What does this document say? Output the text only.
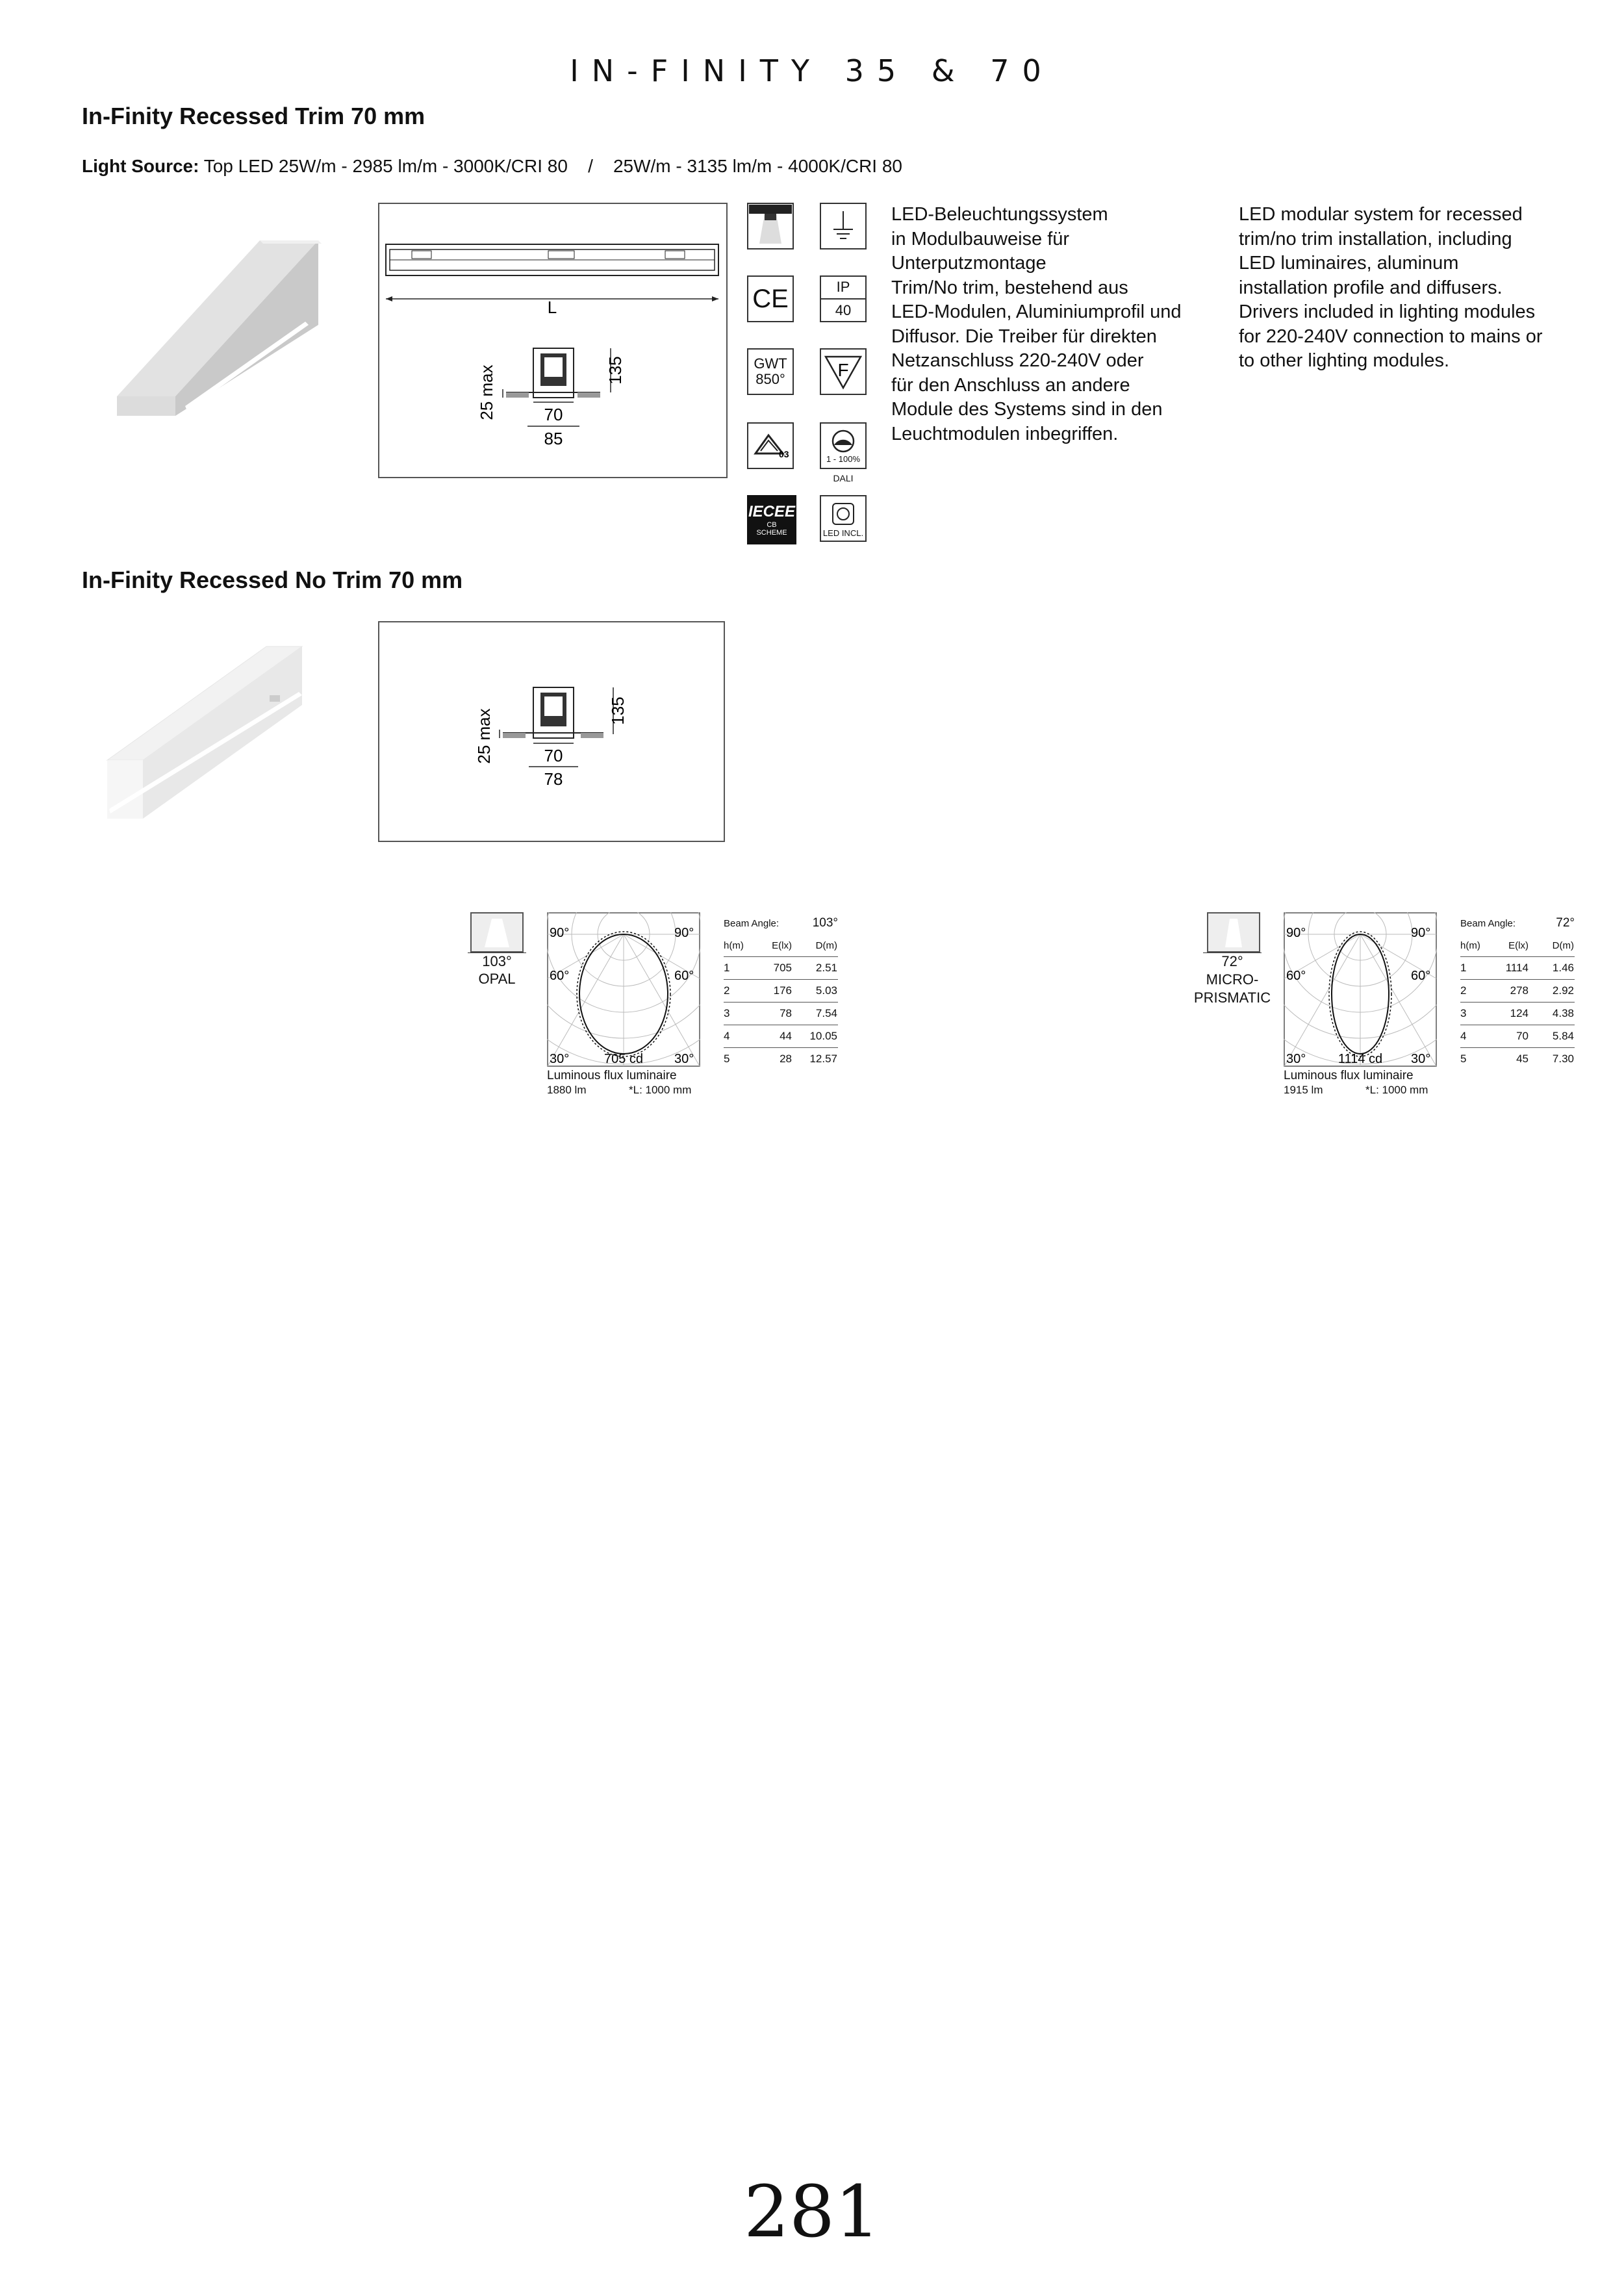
IN-FINITY 35 & 70
In-Finity Recessed Trim 70 mm
Light Source: Top LED 25W/m - 2985 lm/m - 3000K/CRI 80    /    25W/m - 3135 lm/m - 4000K/CRI 80
L
135
25 max	70
85
CE
GWT
850°
03
IECEE
CB
SCHEME
IP
40
F
1 - 100%
DALI
LED INCL.
LED-Beleuchtungssystem
in Modulbauweise für
Unterputzmontage
Trim/No trim, bestehend aus
LED-Modulen, Aluminiumprofil und
Diffusor. Die Treiber für direkten
Netzanschluss 220-240V oder
für den Anschluss an andere
Module des Systems sind in den
Leuchtmodulen inbegriffen.
LED modular system for recessed
trim/no trim installation, including
LED luminaires, aluminum
installation profile and diffusers.
Drivers included in lighting modules
for 220-240V connection to mains or
to other lighting modules.
In-Finity Recessed No Trim 70 mm
135
25 max	70
78
103°
OPAL
90°	90°
60°	60°
30°	30°
705 cd
Luminous flux luminaire
1880 lm	*L: 1000 mm
Beam Angle:	103°
h(m)	E(lx)	D(m)
1	705	2.51
2	176	5.03
3	78	7.54
4	44	10.05
5	28	12.57
72°
MICRO-
PRISMATIC
90°	90°
60°	60°
30°	30°
1114 cd
Luminous flux luminaire
1915 lm	*L: 1000 mm
Beam Angle:	72°
h(m)	E(lx)	D(m)
1	1114	1.46
2	278	2.92
3	124	4.38
4	70	5.84
5	45	7.30
281
